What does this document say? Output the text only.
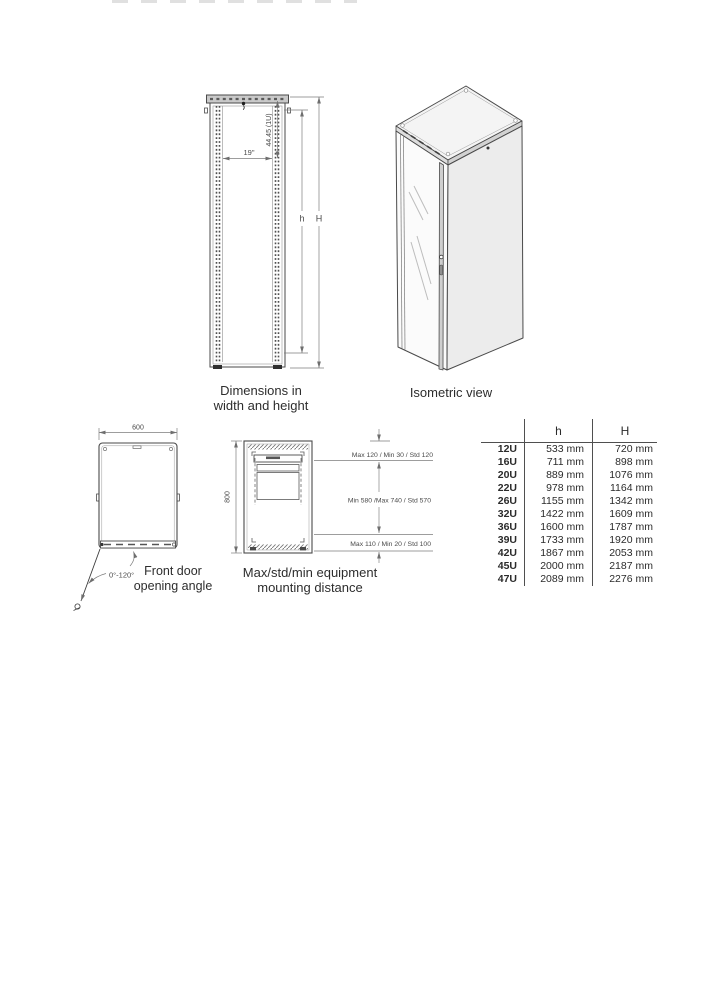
19"
44.45 (1U)
h H
Dimensions in
width and height
Isometric view
600
0°-120° Front door
opening angle
800
Max 120 / Min 30 / Std 120
Min 580 /Max 740 / Std 570
Max 110 / Min 20 / Std 100
Max/std/min equipment
mounting distance
	h	H
12U	533 mm	720 mm
16U	711 mm	898 mm
20U	889 mm	1076 mm
22U	978 mm	1164 mm
26U	1155 mm	1342 mm
32U	1422 mm	1609 mm
36U	1600 mm	1787 mm
39U	1733 mm	1920 mm
42U	1867 mm	2053 mm
45U	2000 mm	2187 mm
47U	2089 mm	2276 mm
